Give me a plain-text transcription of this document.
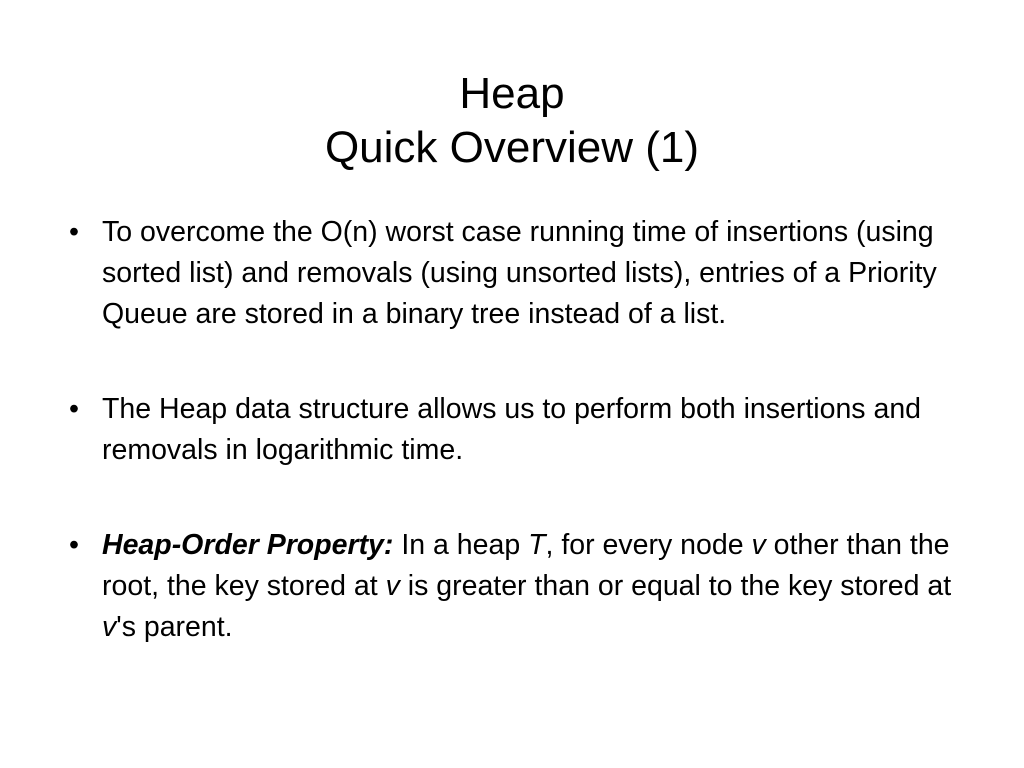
Heap
Quick Overview (1)
• To overcome the O(n) worst case running time of insertions (using sorted list) and removals (using unsorted lists), entries of a Priority Queue are stored in a binary tree instead of a list.
• The Heap data structure allows us to perform both insertions and removals in logarithmic time.
• Heap-Order Property: In a heap T, for every node v other than the root, the key stored at v is greater than or equal to the key stored at v's parent.
